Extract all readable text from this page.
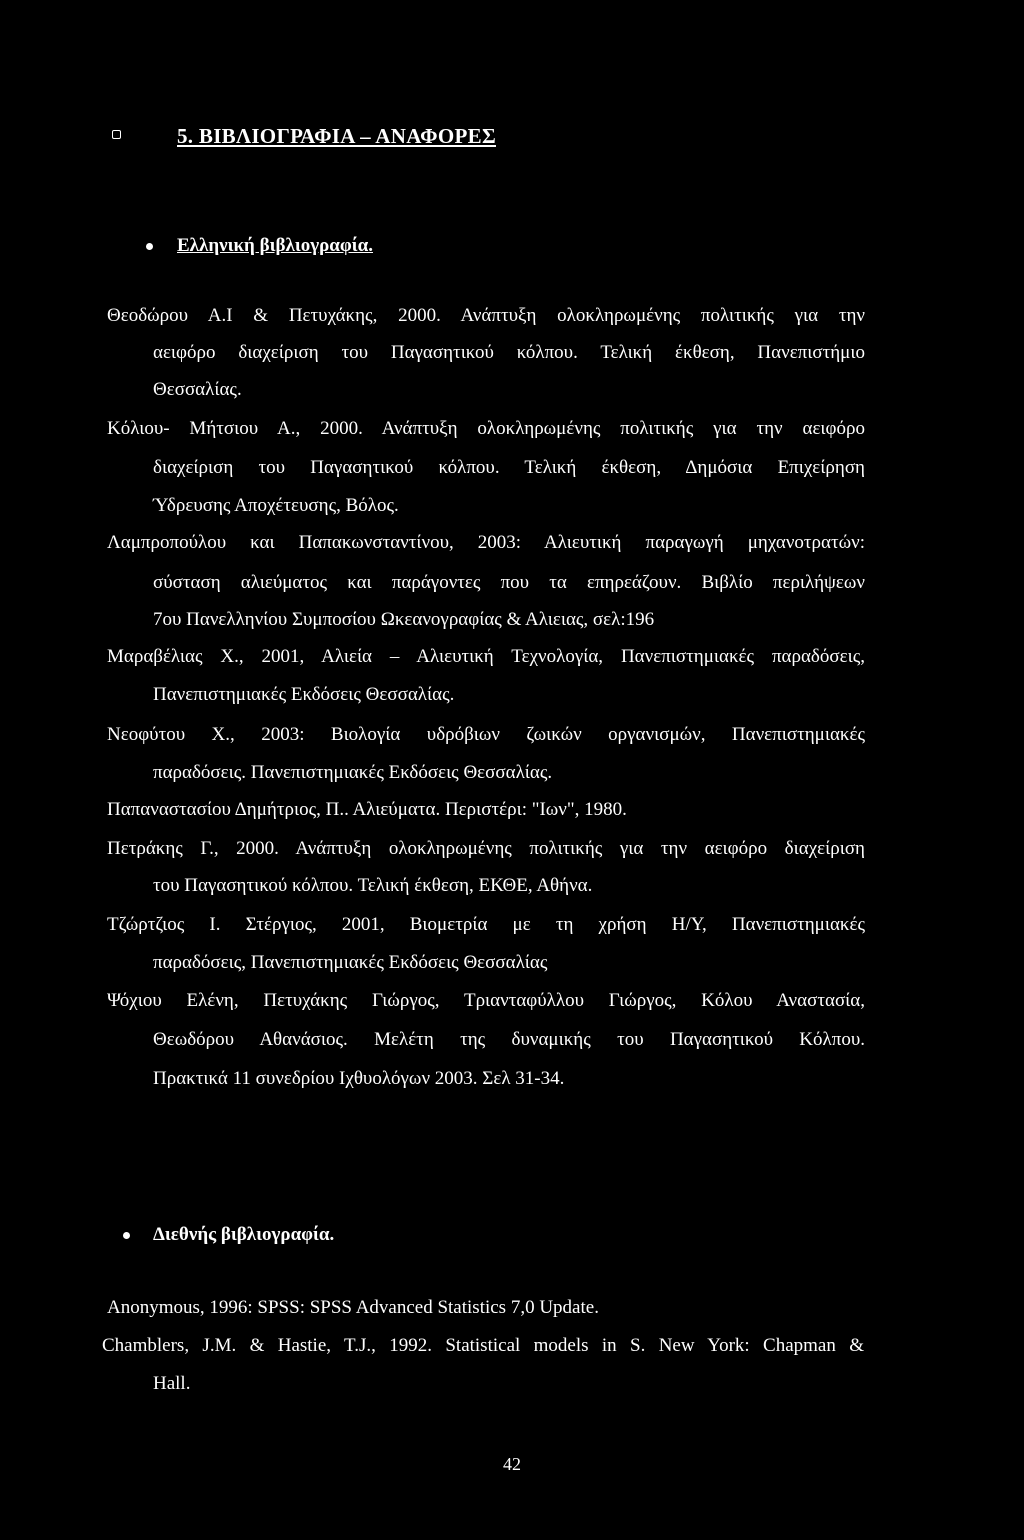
5. ΒΙΒΛΙΟΓΡΑΦΙΑ – ΑΝΑΦΟΡΕΣ
Ελληνική βιβλιογραφία.
Θεοδώρου Α.Ι & Πετυχάκης, 2000. Ανάπτυξη ολοκληρωμένης πολιτικής για την
αειφόρο διαχείριση του Παγασητικού κόλπου. Τελική έκθεση, Πανεπιστήμιο
Θεσσαλίας.
Κόλιου- Μήτσιου Α., 2000. Ανάπτυξη ολοκληρωμένης πολιτικής για την αειφόρο
διαχείριση του Παγασητικού κόλπου. Τελική έκθεση, Δημόσια Επιχείρηση
Ύδρευσης Αποχέτευσης, Βόλος.
Λαμπροπούλου και Παπακωνσταντίνου, 2003: Αλιευτική παραγωγή μηχανοτρατών:
σύσταση αλιεύματος και παράγοντες που τα επηρεάζουν. Βιβλίο περιλήψεων
7ου Πανελληνίου Συμποσίου Ωκεανογραφίας & Αλιειας, σελ:196
Μαραβέλιας Χ., 2001, Αλιεία – Αλιευτική Τεχνολογία, Πανεπιστημιακές παραδόσεις,
Πανεπιστημιακές Εκδόσεις Θεσσαλίας.
Νεοφύτου Χ., 2003: Βιολογία υδρόβιων ζωικών οργανισμών, Πανεπιστημιακές
παραδόσεις. Πανεπιστημιακές Εκδόσεις Θεσσαλίας.
Παπαναστασίου Δημήτριος, Π.. Αλιεύματα. Περιστέρι: "Ιων", 1980.
Πετράκης Γ., 2000. Ανάπτυξη ολοκληρωμένης πολιτικής για την αειφόρο διαχείριση
του Παγασητικού κόλπου. Τελική έκθεση, ΕΚΘΕ, Αθήνα.
Τζώρτζιος Ι. Στέργιος, 2001, Βιομετρία με τη χρήση Η/Υ, Πανεπιστημιακές
παραδόσεις, Πανεπιστημιακές Εκδόσεις Θεσσαλίας
Ψόχιου Ελένη, Πετυχάκης Γιώργος, Τριανταφύλλου Γιώργος, Κόλου Αναστασία,
Θεωδόρου Αθανάσιος. Μελέτη της δυναμικής του Παγασητικού Κόλπου.
Πρακτικά 11 συνεδρίου Ιχθυολόγων 2003. Σελ 31-34.
Διεθνής βιβλιογραφία.
Anonymous, 1996: SPSS: SPSS Advanced Statistics 7,0 Update.
Chamblers, J.M. & Hastie, T.J., 1992. Statistical models in S. New York: Chapman &
Hall.
42
